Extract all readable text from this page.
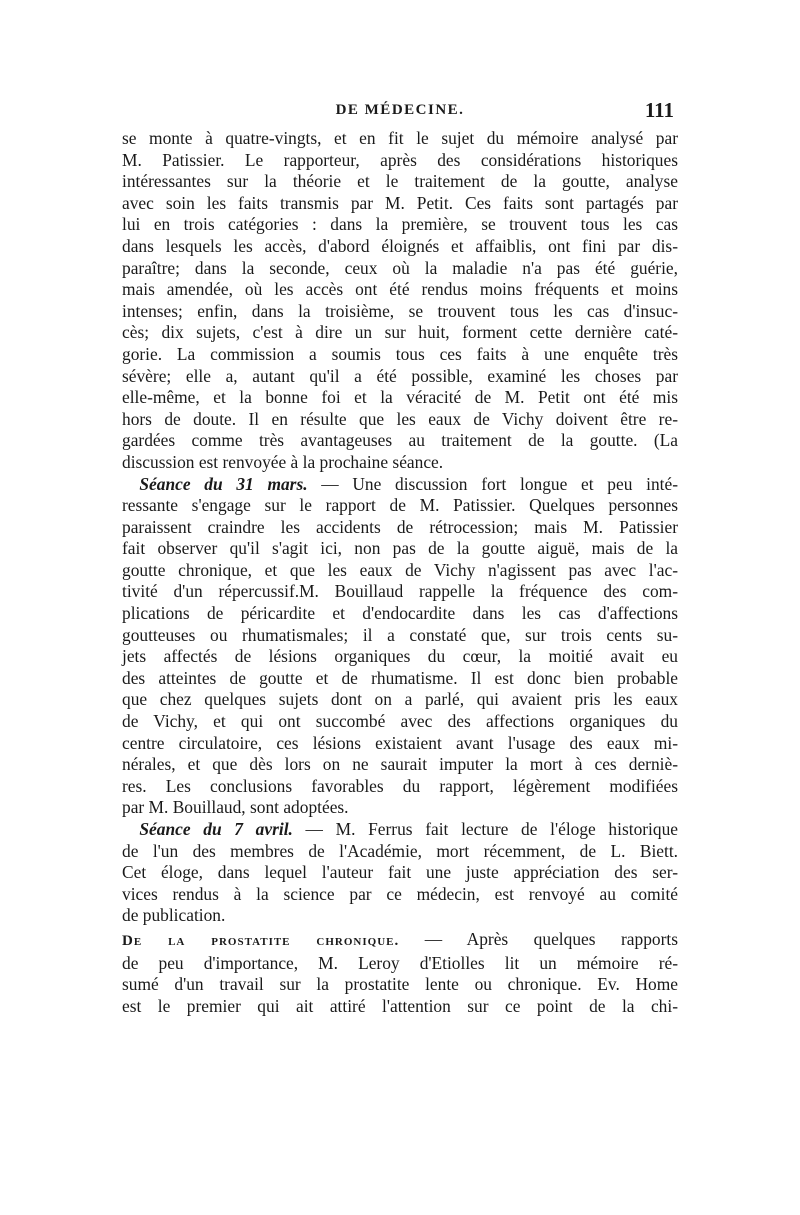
DE MÉDECINE.	111
se monte à quatre-vingts, et en fit le sujet du mémoire analysé par
M. Patissier. Le rapporteur, après des considérations historiques
intéressantes sur la théorie et le traitement de la goutte, analyse
avec soin les faits transmis par M. Petit. Ces faits sont partagés par
lui en trois catégories : dans la première, se trouvent tous les cas
dans lesquels les accès, d'abord éloignés et affaiblis, ont fini par dis-
paraître; dans la seconde, ceux où la maladie n'a pas été guérie,
mais amendée, où les accès ont été rendus moins fréquents et moins
intenses; enfin, dans la troisième, se trouvent tous les cas d'insuc-
cès; dix sujets, c'est à dire un sur huit, forment cette dernière caté-
gorie. La commission a soumis tous ces faits à une enquête très
sévère; elle a, autant qu'il a été possible, examiné les choses par
elle-même, et la bonne foi et la véracité de M. Petit ont été mis
hors de doute. Il en résulte que les eaux de Vichy doivent être re-
gardées comme très avantageuses au traitement de la goutte. (La
discussion est renvoyée à la prochaine séance.
 Séance du 31 mars. — Une discussion fort longue et peu inté-
ressante s'engage sur le rapport de M. Patissier. Quelques personnes
paraissent craindre les accidents de rétrocession; mais M. Patissier
fait observer qu'il s'agit ici, non pas de la goutte aiguë, mais de la
goutte chronique, et que les eaux de Vichy n'agissent pas avec l'ac-
tivité d'un répercussif.M. Bouillaud rappelle la fréquence des com-
plications de péricardite et d'endocardite dans les cas d'affections
goutteuses ou rhumatismales; il a constaté que, sur trois cents su-
jets affectés de lésions organiques du cœur, la moitié avait eu
des atteintes de goutte et de rhumatisme. Il est donc bien probable
que chez quelques sujets dont on a parlé, qui avaient pris les eaux
de Vichy, et qui ont succombé avec des affections organiques du
centre circulatoire, ces lésions existaient avant l'usage des eaux mi-
nérales, et que dès lors on ne saurait imputer la mort à ces derniè-
res. Les conclusions favorables du rapport, légèrement modifiées
par M. Bouillaud, sont adoptées.
 Séance du 7 avril. — M. Ferrus fait lecture de l'éloge historique
de l'un des membres de l'Académie, mort récemment, de L. Biett.
Cet éloge, dans lequel l'auteur fait une juste appréciation des ser-
vices rendus à la science par ce médecin, est renvoyé au comité
de publication.
De la prostatite chronique. — Après quelques rapports
de peu d'importance, M. Leroy d'Etiolles lit un mémoire ré-
sumé d'un travail sur la prostatite lente ou chronique. Ev. Home
est le premier qui ait attiré l'attention sur ce point de la chi-
